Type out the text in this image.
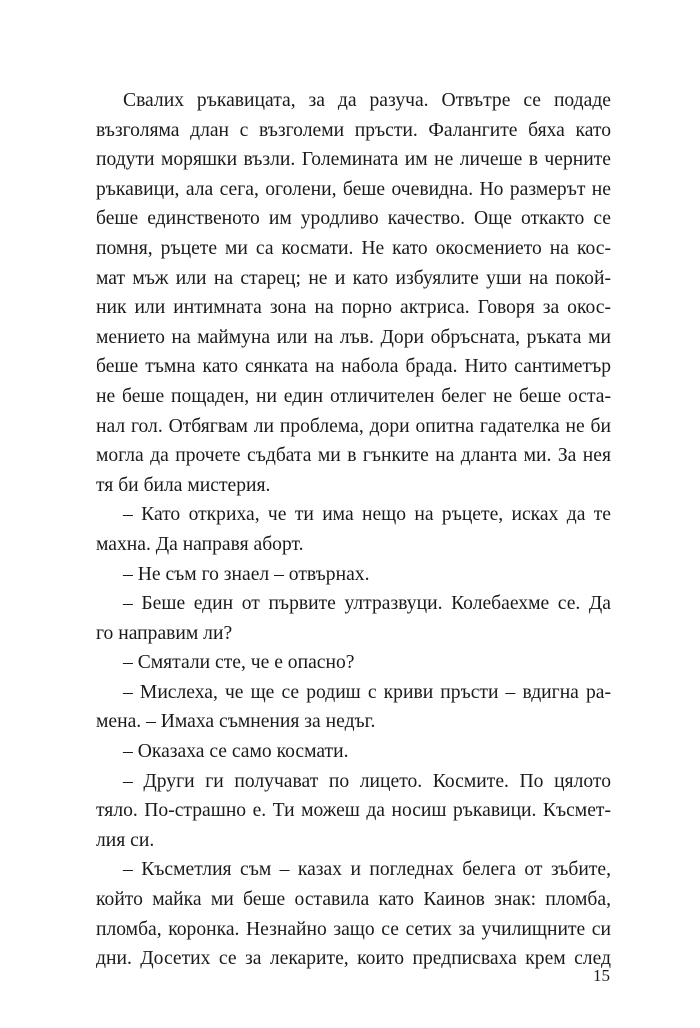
Свалих ръкавицата, за да разуча. Отвътре се подаде
възголяма длан с възголеми пръсти. Фалангите бяха като
подути моряшки възли. Големината им не личеше в черните
ръкавици, ала сега, оголени, беше очевидна. Но размерът не
беше единственото им уродливо качество. Още откакто се
помня, ръцете ми са космати. Не като окосмението на кос-
мат мъж или на старец; не и като избуялите уши на покой-
ник или интимната зона на порно актриса. Говоря за окос-
мението на маймуна или на лъв. Дори обръсната, ръката ми
беше тъмна като сянката на набола брада. Нито сантиметър
не беше пощаден, ни един отличителен белег не беше оста-
нал гол. Отбягвам ли проблема, дори опитна гадателка не би
могла да прочете съдбата ми в гънките на дланта ми. За нея
тя би била мистерия.
– Като откриха, че ти има нещо на ръцете, исках да те
махна. Да направя аборт.
– Не съм го знаел – отвърнах.
– Беше един от първите ултразвуци. Колебаехме се. Да
го направим ли?
– Смятали сте, че е опасно?
– Мислеха, че ще се родиш с криви пръсти – вдигна ра-
мена. – Имаха съмнения за недъг.
– Оказаха се само космати.
– Други ги получават по лицето. Космите. По цялото
тяло. По-страшно е. Ти можеш да носиш ръкавици. Късмет-
лия си.
– Късметлия съм – казах и погледнах белега от зъбите,
който майка ми беше оставила като Каинов знак: пломба,
пломба, коронка. Незнайно защо се сетих за училищните си
дни. Досетих се за лекарите, които предписваха крем след
15
